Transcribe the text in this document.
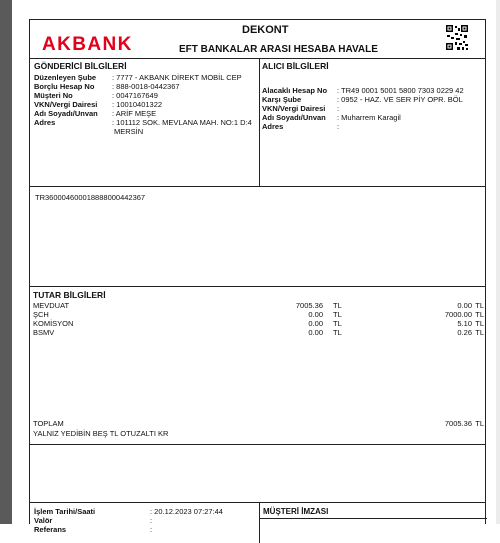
AKBANK
DEKONT
EFT BANKALAR ARASI HESABA HAVALE
GÖNDERİCİ BİLGİLERİ
Düzenleyen Şube : 7777 - AKBANK DİREKT MOBİL CEP
Borçlu Hesap No : 888-0018-0442367
Müşteri No	: 0047167649
VKN/Vergi Dairesi : 10010401322
Adı Soyadı/Unvan : ARİF MEŞE
Adres	: 101112 SOK. MEVLANA MAH. NO:1 D:4
MERSİN
ALICI BİLGİLERİ
Alacaklı Hesap No : TR49 0001 5001 5800 7303 0229 42
Karşı Şube	: 0952 - HAZ. VE SER PİY OPR. BÖL
VKN/Vergi Dairesi :
Adı Soyadı/Unvan : Muharrem Karagil
Adres	:
TR360004600018888000442367
TUTAR BİLGİLERİ
MEVDUAT	7005.36 TL	0.00 TL
ŞCH	0.00 TL	7000.00 TL
KOMİSYON	0.00 TL	5.10 TL
BSMV	0.00 TL	0.26 TL
TOPLAM	7005.36 TL
YALNIZ YEDİBİN BEŞ TL OTUZALTI KR
İşlem Tarihi/Saati	: 20.12.2023 07:27:44
Valör	:
Referans	:
MÜŞTERİ İMZASI
